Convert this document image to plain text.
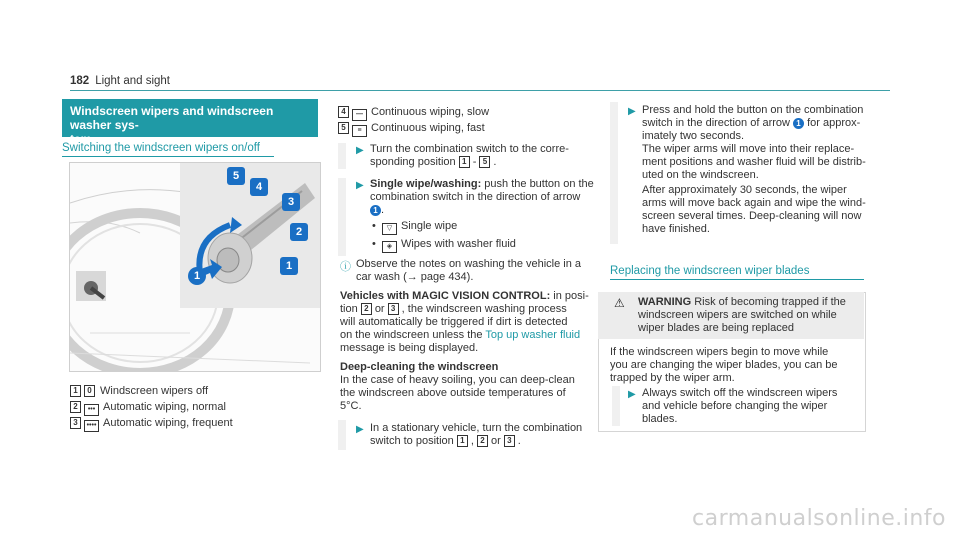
182 Light and sight
Windscreen wipers and windscreen washer sys-
tem
Switching the windscreen wipers on/off
5
4
3
2
1
1
1 0 Windscreen wipers off
2 ••• Automatic wiping, normal
3 •••• Automatic wiping, frequent
4 — Continuous wiping, slow
5 ≡ Continuous wiping, fast
▶ Turn the combination switch to the corre-
sponding position 1 - 5 .
▶ Single wipe/washing: push the button on the
combination switch in the direction of arrow
1 .
•  ▽ Single wipe
•  ◈ Wipes with washer fluid
ⓘ Observe the notes on washing the vehicle in a
car wash (→ page 434).
Vehicles with MAGIC VISION CONTROL: in posi-
tion 2 or 3 , the windscreen washing process
will automatically be triggered if dirt is detected
on the windscreen unless the Top up washer fluid
message is being displayed.
Deep-cleaning the windscreen
In the case of heavy soiling, you can deep-clean
the windscreen above outside temperatures of
5°C.
▶ In a stationary vehicle, turn the combination
switch to position 1 , 2 or 3 .
▶ Press and hold the button on the combination
switch in the direction of arrow 1 for approx-
imately two seconds.
The wiper arms will move into their replace-
ment positions and washer fluid will be distrib-
uted on the windscreen.
After approximately 30 seconds, the wiper
arms will move back again and wipe the wind-
screen several times. Deep-cleaning will now
have finished.
Replacing the windscreen wiper blades
⚠ WARNING Risk of becoming trapped if the
windscreen wipers are switched on while
wiper blades are being replaced
If the windscreen wipers begin to move while
you are changing the wiper blades, you can be
trapped by the wiper arm.
▶ Always switch off the windscreen wipers
and vehicle before changing the wiper
blades.
carmanualsonline.info
